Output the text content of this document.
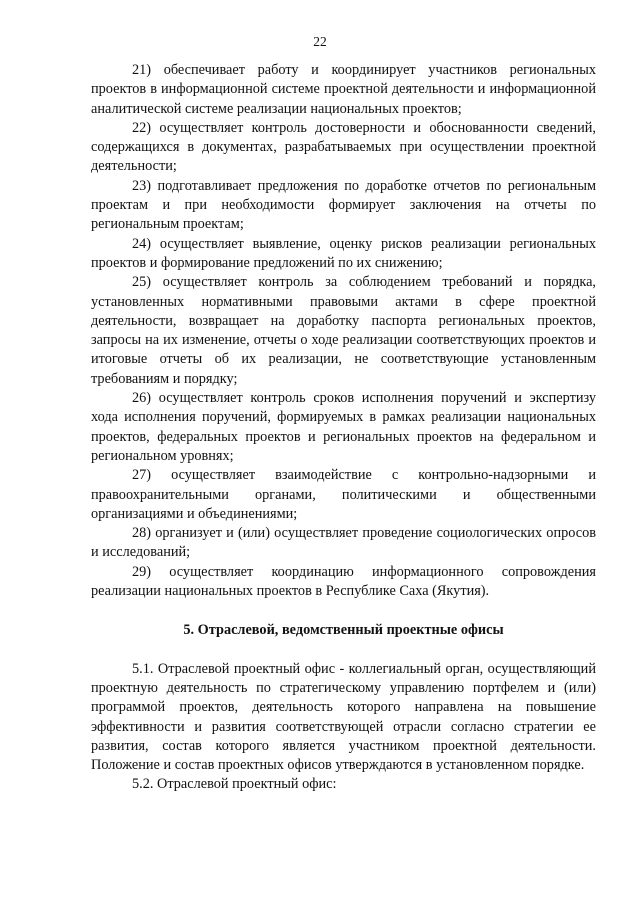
22

21) обеспечивает работу и координирует участников региональных проектов в информационной системе проектной деятельности и информационной аналитической системе реализации национальных проектов;

22) осуществляет контроль достоверности и обоснованности сведений, содержащихся в документах, разрабатываемых при осуществлении проектной деятельности;

23) подготавливает предложения по доработке отчетов по региональным проектам и при необходимости формирует заключения на отчеты по региональным проектам;

24) осуществляет выявление, оценку рисков реализации региональных проектов и формирование предложений по их снижению;

25) осуществляет контроль за соблюдением требований и порядка, установленных нормативными правовыми актами в сфере проектной деятельности, возвращает на доработку паспорта региональных проектов, запросы на их изменение, отчеты о ходе реализации соответствующих проектов и итоговые отчеты об их реализации, не соответствующие установленным требованиям и порядку;

26) осуществляет контроль сроков исполнения поручений и экспертизу хода исполнения поручений, формируемых в рамках реализации национальных проектов, федеральных проектов и региональных проектов на федеральном и региональном уровнях;

27) осуществляет взаимодействие с контрольно-надзорными и правоохранительными органами, политическими и общественными организациями и объединениями;

28) организует и (или) осуществляет проведение социологических опросов и исследований;

29) осуществляет координацию информационного сопровождения реализации национальных проектов в Республике Саха (Якутия).

5. Отраслевой, ведомственный проектные офисы

5.1. Отраслевой проектный офис - коллегиальный орган, осуществляющий проектную деятельность по стратегическому управлению портфелем и (или) программой проектов, деятельность которого направлена на повышение эффективности и развития соответствующей отрасли согласно стратегии ее развития, состав которого является участником проектной деятельности. Положение и состав проектных офисов утверждаются в установленном порядке.

5.2. Отраслевой проектный офис:
